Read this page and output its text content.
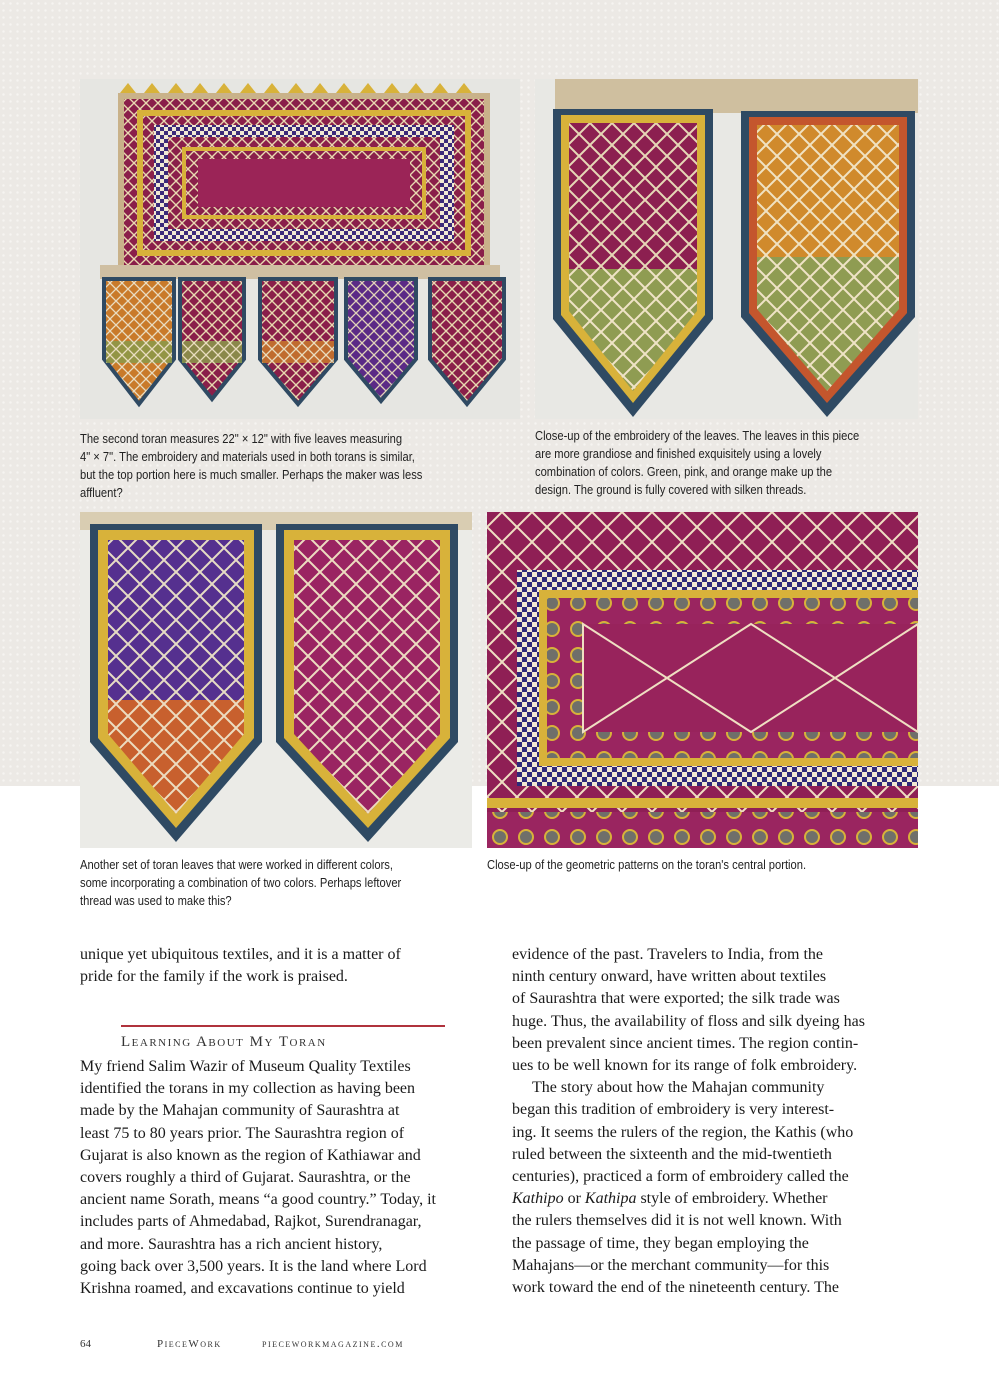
The second toran measures 22" × 12" with five leaves measuring
4" × 7". The embroidery and materials used in both torans is similar,
but the top portion here is much smaller. Perhaps the maker was less
affluent?
Close-up of the embroidery of the leaves. The leaves in this piece
are more grandiose and finished exquisitely using a lovely
combination of colors. Green, pink, and orange make up the
design. The ground is fully covered with silken threads.
Another set of toran leaves that were worked in different colors,
some incorporating a combination of two colors. Perhaps leftover
thread was used to make this?
Close-up of the geometric patterns on the toran's central portion.
unique yet ubiquitous textiles, and it is a matter of
pride for the family if the work is praised.
Learning About My Toran
My friend Salim Wazir of Museum Quality Textiles
identified the torans in my collection as having been
made by the Mahajan community of Saurashtra at
least 75 to 80 years prior. The Saurashtra region of
Gujarat is also known as the region of Kathiawar and
covers roughly a third of Gujarat. Saurashtra, or the
ancient name Sorath, means “a good country.” Today, it
includes parts of Ahmedabad, Rajkot, Surendranagar,
and more. Saurashtra has a rich ancient history,
going back over 3,500 years. It is the land where Lord
Krishna roamed, and excavations continue to yield
evidence of the past. Travelers to India, from the
ninth century onward, have written about textiles
of Saurashtra that were exported; the silk trade was
huge. Thus, the availability of floss and silk dyeing has
been prevalent since ancient times. The region contin-
ues to be well known for its range of folk embroidery.
The story about how the Mahajan community
began this tradition of embroidery is very interest-
ing. It seems the rulers of the region, the Kathis (who
ruled between the sixteenth and the mid-twentieth
centuries), practiced a form of embroidery called the
Kathipo or Kathipa style of embroidery. Whether
the rulers themselves did it is not well known. With
the passage of time, they began employing the
Mahajans—or the merchant community—for this
work toward the end of the nineteenth century. The
64	PieceWork	pieceworkmagazine.com
